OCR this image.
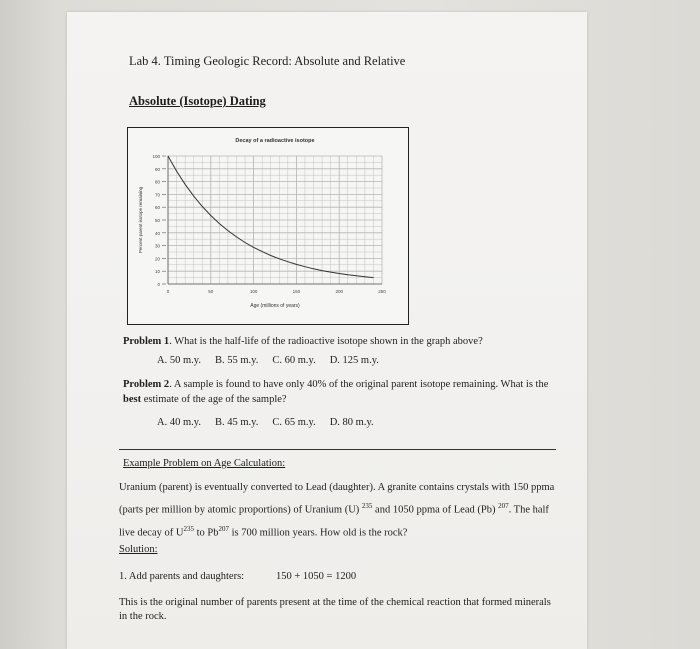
Lab 4. Timing Geologic Record: Absolute and Relative
Absolute (Isotope) Dating
Decay of a radioactive isotope
100
90
80
70
60
50
40
30
20
10
0
0	50	100	150	200	250
Age (millions of years)
Percent parent isotope remaining
Problem 1. What is the half-life of the radioactive isotope shown in the graph above?
A. 50 m.y. B. 55 m.y. C. 60 m.y. D. 125 m.y.
Problem 2. A sample is found to have only 40% of the original parent isotope remaining. What is the
best estimate of the age of the sample?
A. 40 m.y. B. 45 m.y. C. 65 m.y. D. 80 m.y.
Example Problem on Age Calculation:
Uranium (parent) is eventually converted to Lead (daughter). A granite contains crystals with 150 ppma
(parts per million by atomic proportions) of Uranium (U) $^{235}$ and 1050 ppma of Lead (Pb) $^{207}$. The half
live decay of $U^{235}$ to Pb$^{207}$ is 700 million years. How old is the rock?
Solution:
1. Add parents and daughters:	150 + 1050 = 1200
This is the original number of parents present at the time of the chemical reaction that formed minerals
in the rock.
